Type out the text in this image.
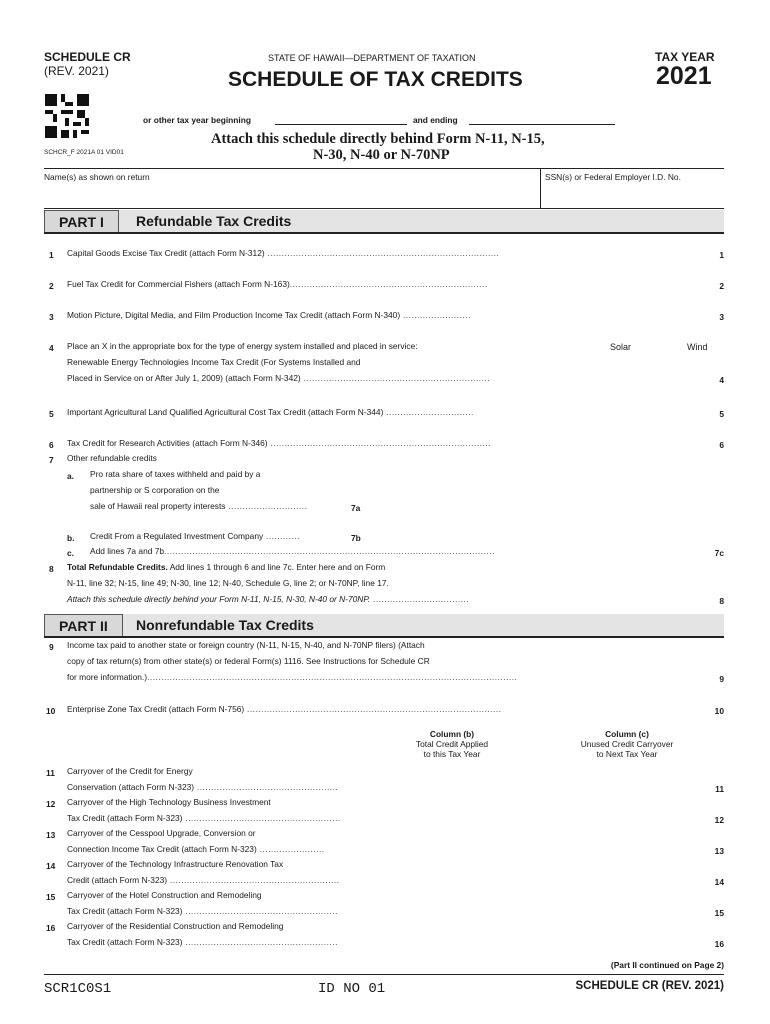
SCHEDULE CR
(REV. 2021)
STATE OF HAWAII—DEPARTMENT OF TAXATION
SCHEDULE OF TAX CREDITS
TAX YEAR
2021
or other tax year beginning	and ending
Attach this schedule directly behind Form N-11, N-15,
N-30, N-40 or N-70NP
SCHCR_F 2021A 01 VID01
Name(s) as shown on return	SSN(s) or Federal Employer I.D. No.
PART I	Refundable Tax Credits
1 Capital Goods Excise Tax Credit (attach Form N-312) ..................................................................................	1
2 Fuel Tax Credit for Commercial Fishers (attach Form N-163)......................................................................	2
3 Motion Picture, Digital Media, and Film Production Income Tax Credit (attach Form N-340) ........................	3
4 Place an X in the appropriate box for the type of energy system installed and placed in service:	Solar	Wind
Renewable Energy Technologies Income Tax Credit (For Systems Installed and
Placed in Service on or After July 1, 2009) (attach Form N-342) ..................................................................	4
5 Important Agricultural Land Qualified Agricultural Cost Tax Credit (attach Form N-344) ...............................	5
6 Tax Credit for Research Activities (attach Form N-346) ..............................................................................	6
7 Other refundable credits
a. Pro rata share of taxes withheld and paid by a
partnership or S corporation on the
sale of Hawaii real property interests ............................	7a
b. Credit From a Regulated Investment Company ............	7b
c. Add lines 7a and 7b.....................................................................................................................	7c
8 Total Refundable Credits. Add lines 1 through 6 and line 7c. Enter here and on Form
N-11, line 32; N-15, line 49; N-30, line 12; N-40, Schedule G, line 2; or N-70NP, line 17.
Attach this schedule directly behind your Form N-11, N-15, N-30, N-40 or N-70NP. ..................................	8
PART II	Nonrefundable Tax Credits
9 Income tax paid to another state or foreign country (N-11, N-15, N-40, and N-70NP filers) (Attach
copy of tax return(s) from other state(s) or federal Form(s) 1116. See Instructions for Schedule CR
for more information.)...................................................................................................................................	9
10 Enterprise Zone Tax Credit (attach Form N-756) ..........................................................................................	10
Column (b)
Total Credit Applied
to this Tax Year
Column (c)
Unused Credit Carryover
to Next Tax Year
11 Carryover of the Credit for Energy
Conservation (attach Form N-323) ..................................................	11
12 Carryover of the High Technology Business Investment
Tax Credit (attach Form N-323) .......................................................	12
13 Carryover of the Cesspool Upgrade, Conversion or
Connection Income Tax Credit (attach Form N-323) .......................	13
14 Carryover of the Technology Infrastructure Renovation Tax
Credit (attach Form N-323) ............................................................	14
15 Carryover of the Hotel Construction and Remodeling
Tax Credit (attach Form N-323) ......................................................	15
16 Carryover of the Residential Construction and Remodeling
Tax Credit (attach Form N-323) ......................................................	16
(Part II continued on Page 2)
SCR1C0S1	ID NO 01	SCHEDULE CR (REV. 2021)
